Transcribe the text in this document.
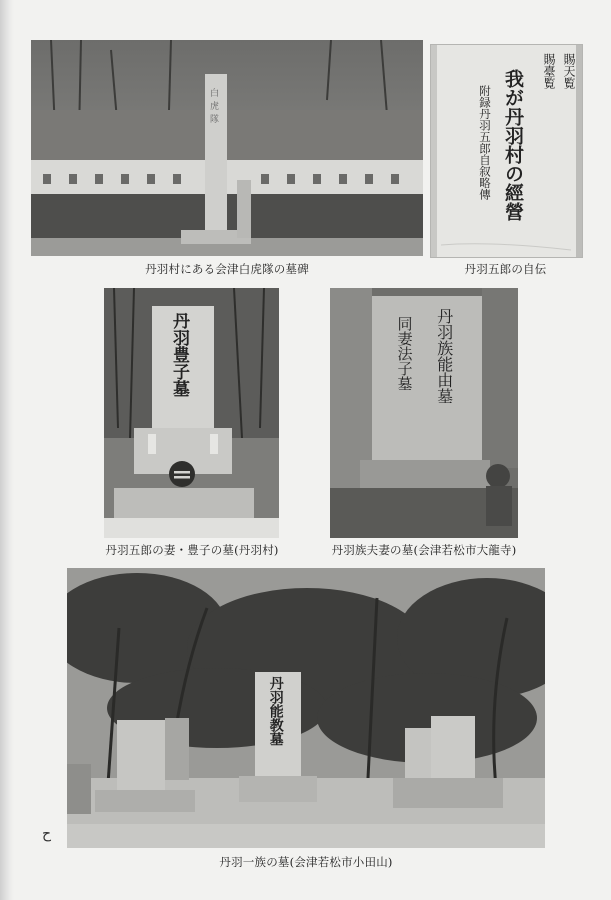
白虎隊
丹羽村にある会津白虎隊の墓碑
賜天覧
賜臺覧
我が丹羽村の經營
附録丹羽五郎自叙略傳
丹羽五郎の自伝
丹羽豊子墓
丹羽五郎の妻・豊子の墓(丹羽村)
丹羽族能由墓
同妻法子墓
丹羽族夫妻の墓(会津若松市大龍寺)
丹羽能教墓
丹羽一族の墓(会津若松市小田山)
ح
